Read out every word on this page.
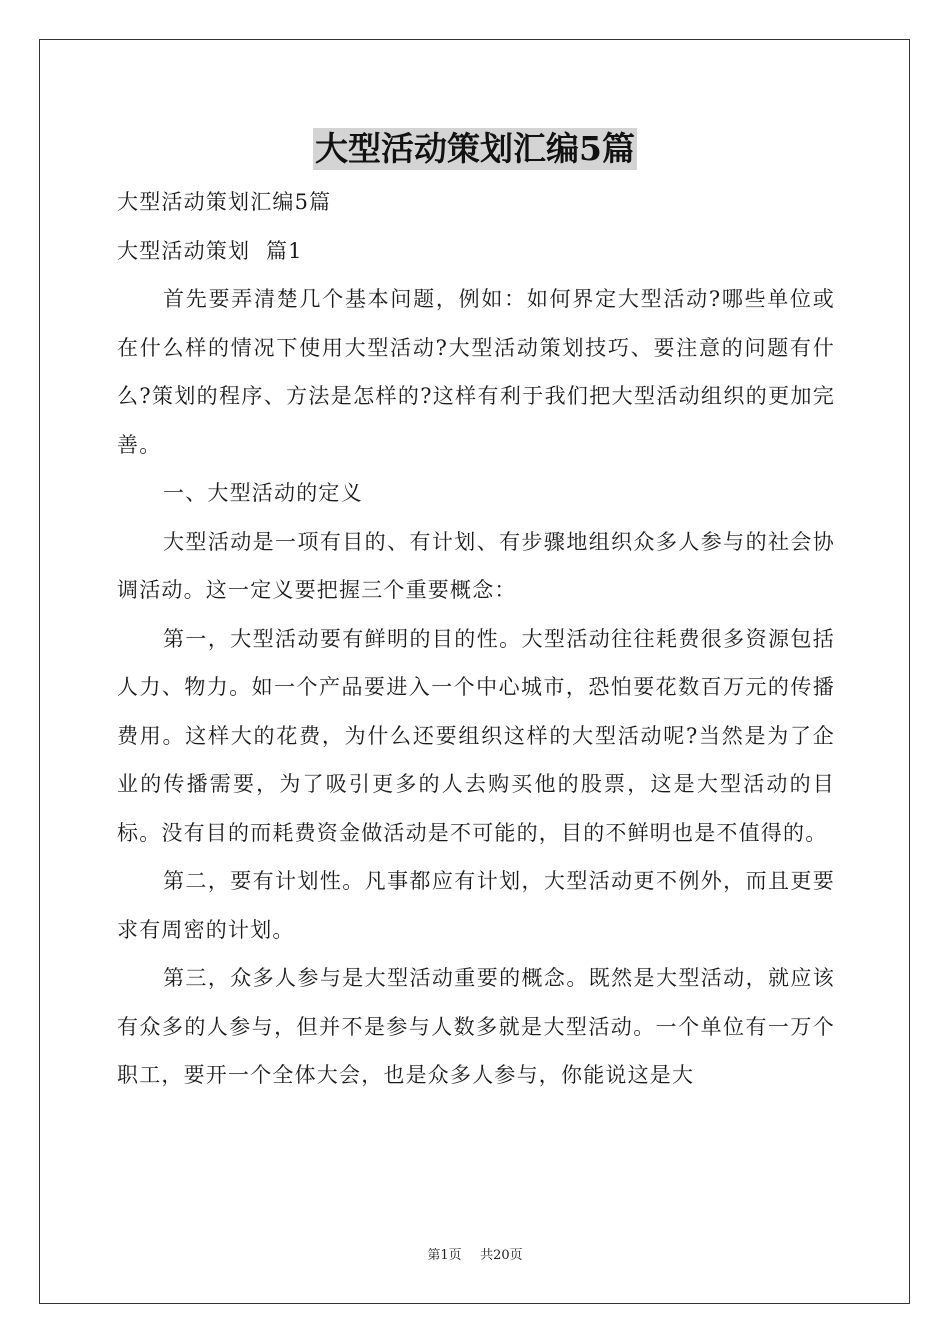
大型活动策划汇编5篇

大型活动策划汇编5篇

大型活动策划  篇1

首先要弄清楚几个基本问题，例如：如何界定大型活动?哪些单位或在什么样的情况下使用大型活动?大型活动策划技巧、要注意的问题有什么?策划的程序、方法是怎样的?这样有利于我们把大型活动组织的更加完善。

一、大型活动的定义

大型活动是一项有目的、有计划、有步骤地组织众多人参与的社会协调活动。这一定义要把握三个重要概念：

第一，大型活动要有鲜明的目的性。大型活动往往耗费很多资源包括人力、物力。如一个产品要进入一个中心城市，恐怕要花数百万元的传播费用。这样大的花费，为什么还要组织这样的大型活动呢?当然是为了企业的传播需要，为了吸引更多的人去购买他的股票，这是大型活动的目标。没有目的而耗费资金做活动是不可能的，目的不鲜明也是不值得的。

第二，要有计划性。凡事都应有计划，大型活动更不例外，而且更要求有周密的计划。

第三，众多人参与是大型活动重要的概念。既然是大型活动，就应该有众多的人参与，但并不是参与人数多就是大型活动。一个单位有一万个职工，要开一个全体大会，也是众多人参与，你能说这是大

第1页 共20页
